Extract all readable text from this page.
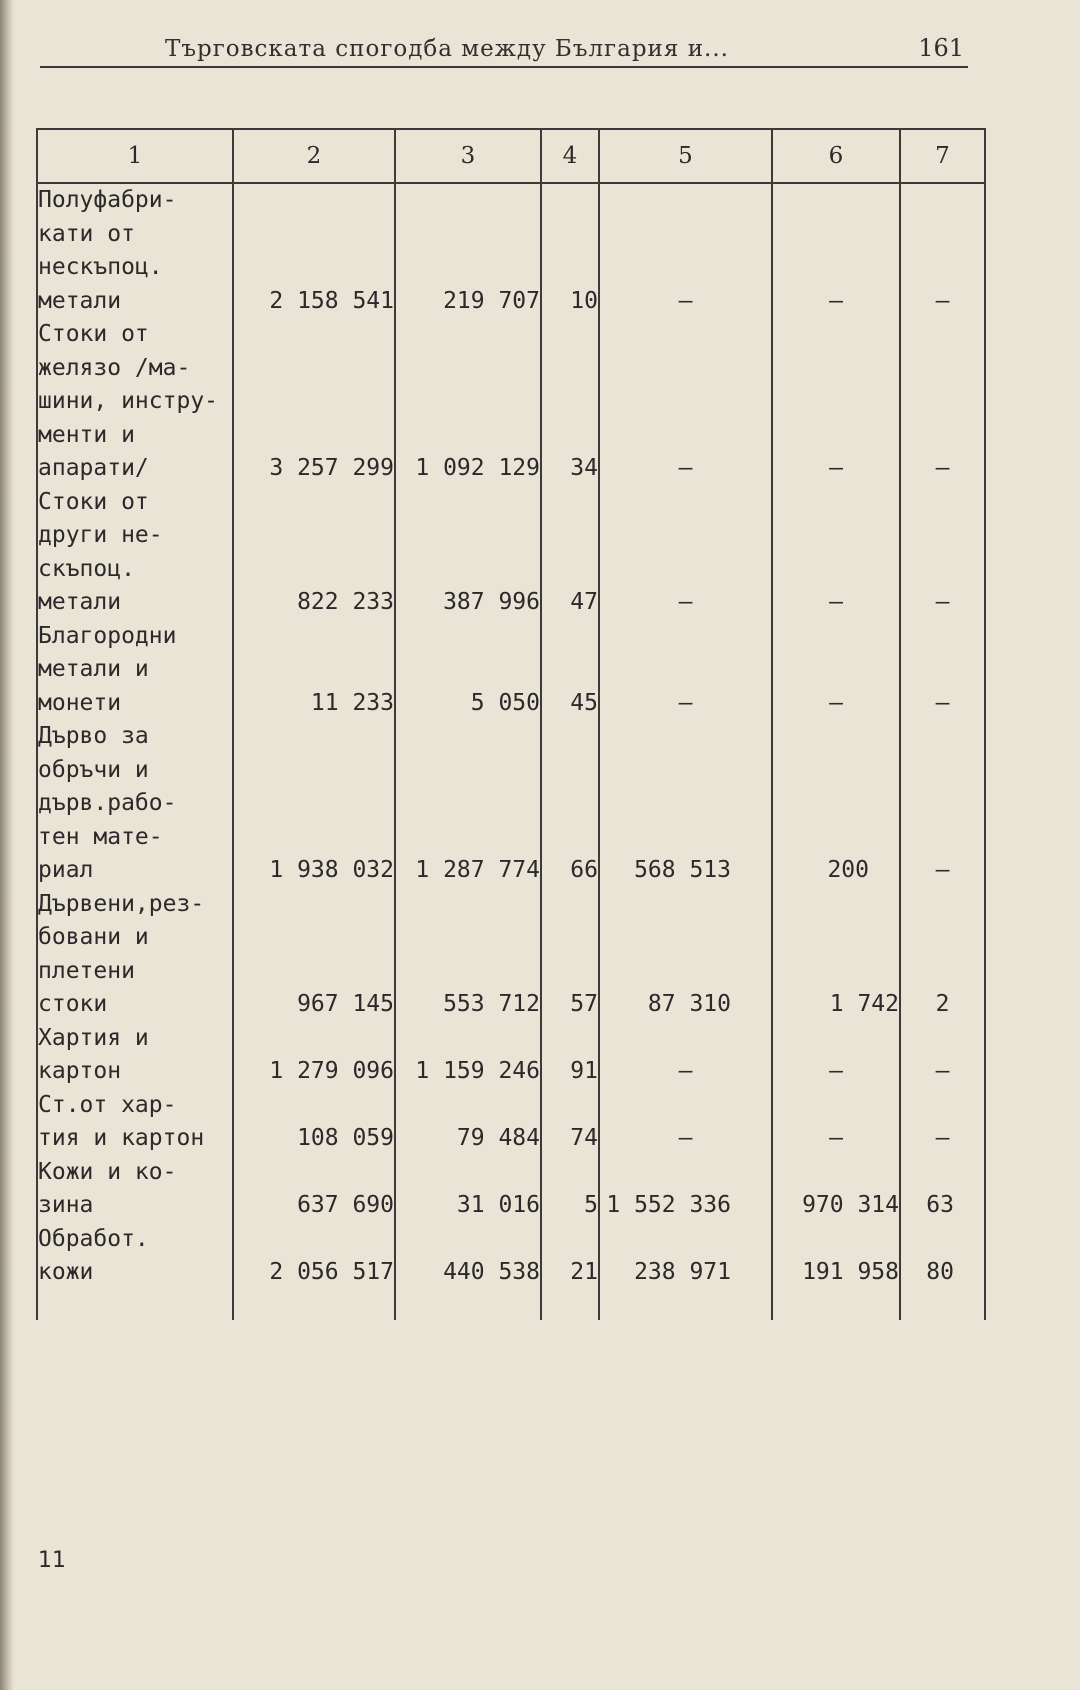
Търговската спогодба между България и...	161
1	2	3	4	5	6	7
Полуфабри-
кати от
нескъпоц.
метали	2 158 541	219 707	10	–	–	–
Стоки от
желязо /ма-
шини, инстру-
менти и
апарати/	3 257 299	1 092 129	34	–	–	–
Стоки от
други не-
скъпоц.
метали	822 233	387 996	47	–	–	–
Благородни
метали и
монети	11 233	5 050	45	–	–	–
Дърво за
обръчи и
дърв.рабо-
тен мате-
риал	1 938 032	1 287 774	66	568 513	200	–
Дървени,рез-
бовани и
плетени
стоки	967 145	553 712	57	87 310	1 742	2
Хартия и
картон	1 279 096	1 159 246	91	–	–	–
Ст.от хар-
тия и картон	108 059	79 484	74	–	–	–
Кожи и ко-
зина	637 690	31 016	5	1 552 336	970 314	63
Обработ.
кожи	2 056 517	440 538	21	238 971	191 958	80

11
